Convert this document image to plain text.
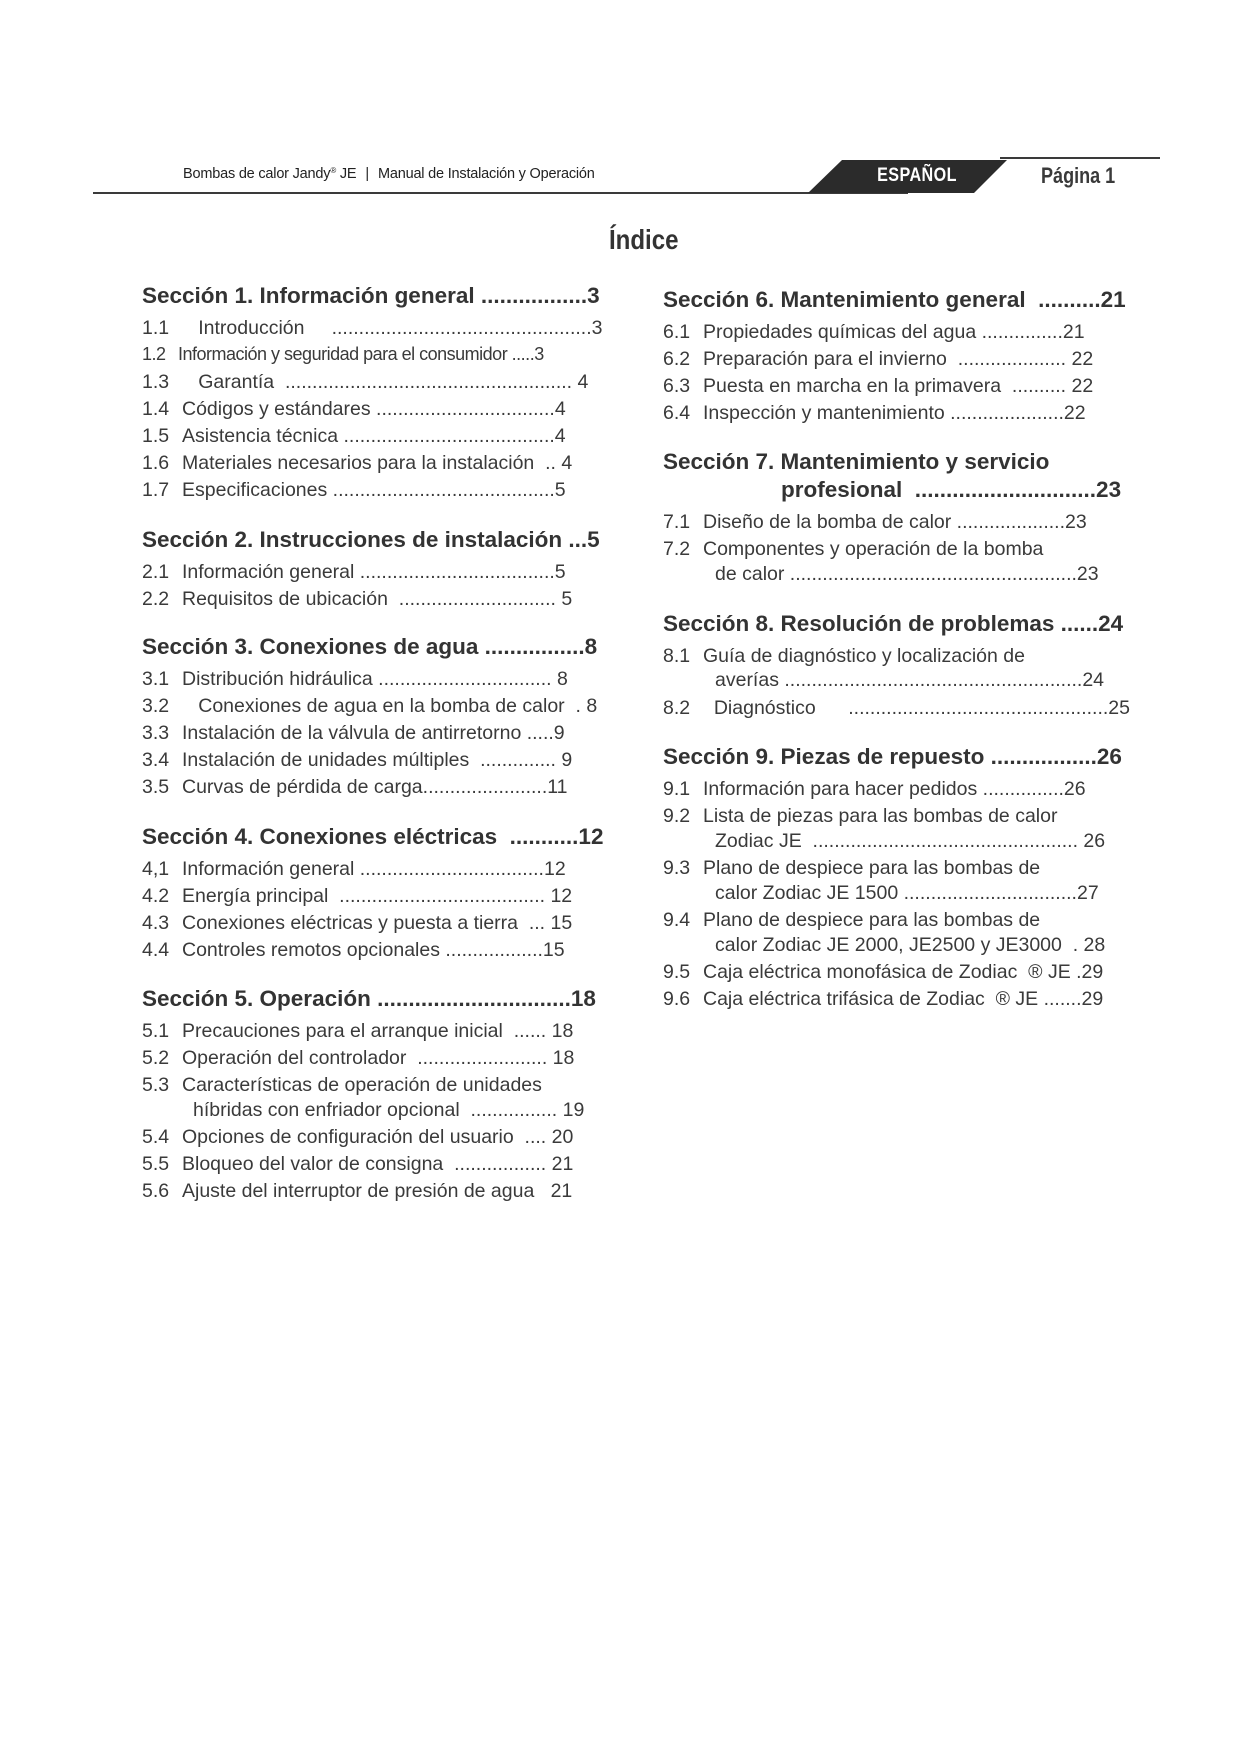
Bombas de calor Jandy® JE | Manual de Instalación y Operación	ESPAÑOL	Página 1
Índice
Sección 1. Información general .................3
1.1   Introducción     ................................................3
1.2 Información y seguridad para el consumidor .....3
1.3   Garantía  ..................................................... 4
1.4 Códigos y estándares .................................4
1.5 Asistencia técnica .......................................4
1.6 Materiales necesarios para la instalación  .. 4
1.7 Especificaciones .........................................5
Sección 2. Instrucciones de instalación ...5
2.1 Información general ....................................5
2.2 Requisitos de ubicación  ............................. 5
Sección 3. Conexiones de agua ................8
3.1 Distribución hidráulica ................................ 8
3.2   Conexiones de agua en la bomba de calor  . 8
3.3 Instalación de la válvula de antirretorno .....9
3.4 Instalación de unidades múltiples  .............. 9
3.5 Curvas de pérdida de carga.......................11
Sección 4. Conexiones eléctricas  ...........12
4,1 Información general ..................................12
4.2 Energía principal  ...................................... 12
4.3 Conexiones eléctricas y puesta a tierra  ... 15
4.4 Controles remotos opcionales ..................15
Sección 5. Operación ...............................18
5.1 Precauciones para el arranque inicial  ...... 18
5.2 Operación del controlador  ........................ 18
5.3 Características de operación de unidades
híbridas con enfriador opcional  ................ 19
5.4 Opciones de configuración del usuario  .... 20
5.5 Bloqueo del valor de consigna  ................. 21
5.6 Ajuste del interruptor de presión de agua   21
Sección 6. Mantenimiento general  ..........21
6.1 Propiedades químicas del agua ...............21
6.2 Preparación para el invierno  .................... 22
6.3 Puesta en marcha en la primavera  .......... 22
6.4 Inspección y mantenimiento .....................22
Sección 7. Mantenimiento y servicio
profesional  .............................23
7.1 Diseño de la bomba de calor ....................23
7.2 Componentes y operación de la bomba
de calor .....................................................23
Sección 8. Resolución de problemas ......24
8.1 Guía de diagnóstico y localización de
averías .......................................................24
8.2  Diagnóstico      ................................................25
Sección 9. Piezas de repuesto .................26
9.1 Información para hacer pedidos ...............26
9.2 Lista de piezas para las bombas de calor
Zodiac JE  ................................................. 26
9.3 Plano de despiece para las bombas de
calor Zodiac JE 1500 ................................27
9.4 Plano de despiece para las bombas de
calor Zodiac JE 2000, JE2500 y JE3000  . 28
9.5 Caja eléctrica monofásica de Zodiac  ® JE .29
9.6 Caja eléctrica trifásica de Zodiac  ® JE .......29
